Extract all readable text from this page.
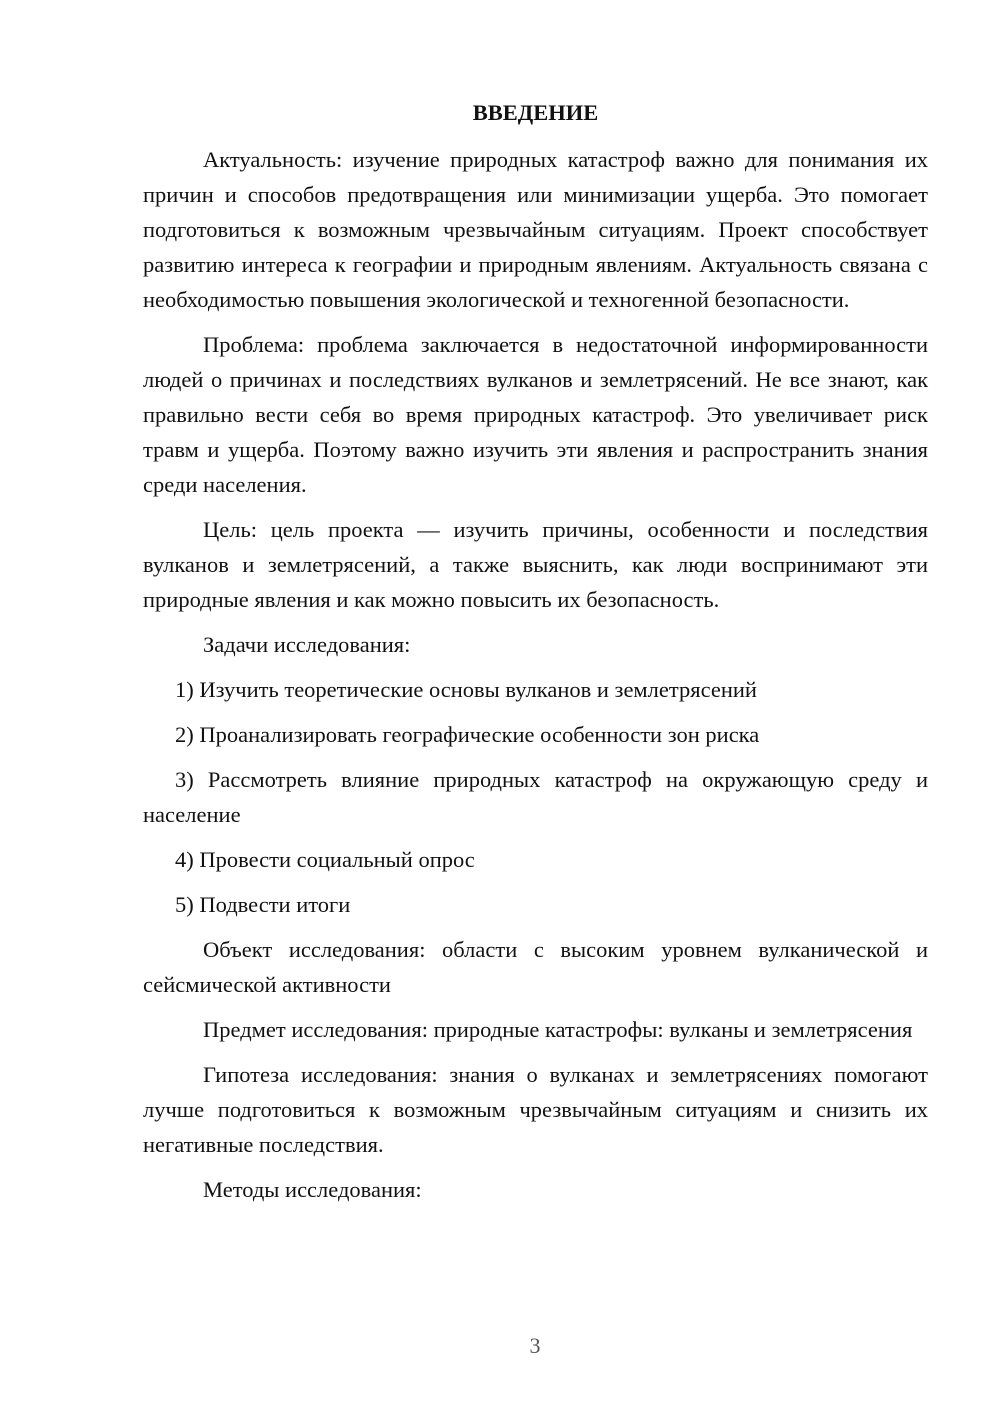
ВВЕДЕНИЕ

Актуальность: изучение природных катастроф важно для понимания их причин и способов предотвращения или минимизации ущерба. Это помогает подготовиться к возможным чрезвычайным ситуациям. Проект способствует развитию интереса к географии и природным явлениям. Актуальность связана с необходимостью повышения экологической и техногенной безопасности.

Проблема: проблема заключается в недостаточной информированности людей о причинах и последствиях вулканов и землетрясений. Не все знают, как правильно вести себя во время природных катастроф. Это увеличивает риск травм и ущерба. Поэтому важно изучить эти явления и распространить знания среди населения.

Цель: цель проекта — изучить причины, особенности и последствия вулканов и землетрясений, а также выяснить, как люди воспринимают эти природные явления и как можно повысить их безопасность.

Задачи исследования:

1) Изучить теоретические основы вулканов и землетрясений

2) Проанализировать географические особенности зон риска

3) Рассмотреть влияние природных катастроф на окружающую среду и население

4) Провести социальный опрос

5) Подвести итоги

Объект исследования: области с высоким уровнем вулканической и сейсмической активности

Предмет исследования: природные катастрофы: вулканы и землетрясения

Гипотеза исследования: знания о вулканах и землетрясениях помогают лучше подготовиться к возможным чрезвычайным ситуациям и снизить их негативные последствия.

Методы исследования:

3
